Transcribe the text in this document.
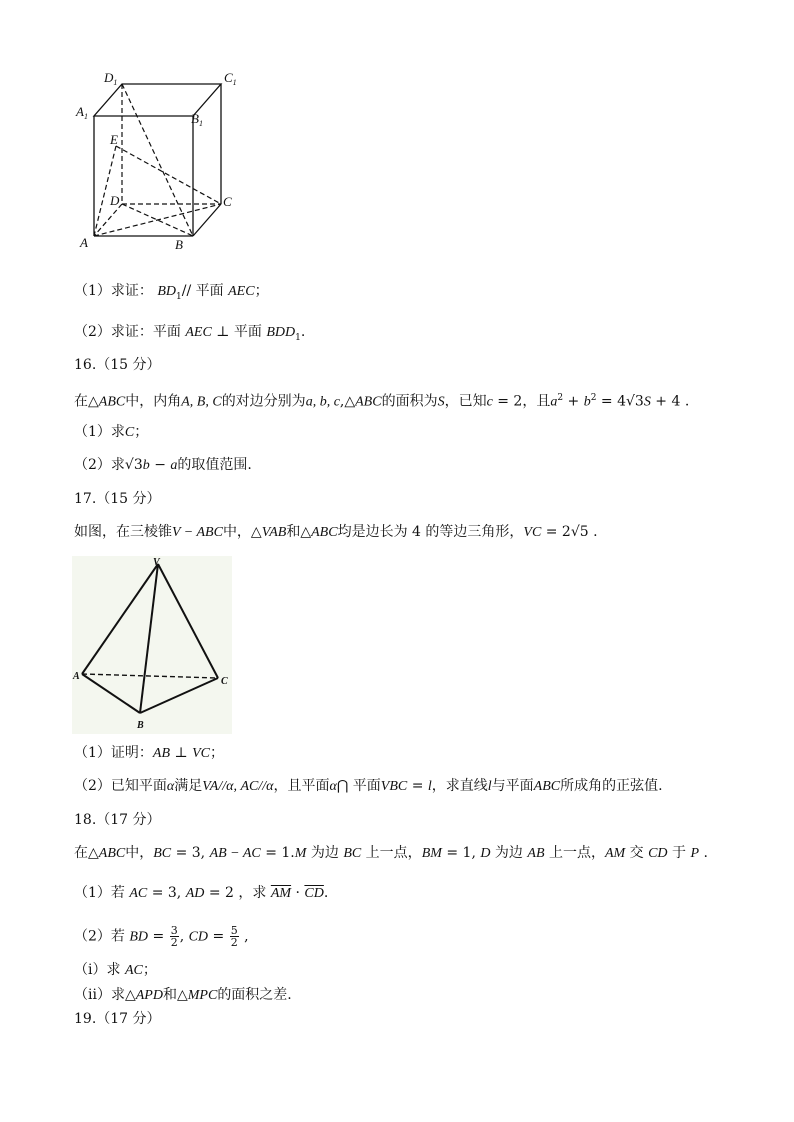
$D_1$	$C_1$
$A_1$	$B_1$
E
D	C
A	B
（1）求证： $BD_1//$ 平面 AEC；
（2）求证：平面 AEC ⊥ 平面 $BDD_1$.
16.（15 分）
在△ABC中，内角A, B, C的对边分别为a, b, c,△ABC的面积为S，已知c = 2，且$a^2 + b^2 = 4√3S + 4$ .
（1）求C；
（2）求√3b − a的取值范围.
17.（15 分）
如图，在三棱锥V − ABC中，△VAB和△ABC均是边长为 4 的等边三角形，VC = 2√5 .
V
A
B
C
（1）证明：AB ⊥ VC；
（2）已知平面α满足VA//α, AC//α，且平面α⋂ 平面VBC = l，求直线l与平面ABC所成角的正弦值.
18.（17 分）
在△ABC中，BC = 3, AB − AC = 1.M 为边 BC 上一点，BM = 1, D 为边 AB 上一点，AM 交 CD 于 P .
（1）若 AC = 3, AD = 2 ，求 $\overline{AM} \cdot \overline{CD}$.
（2）若 BD = $\frac{3}{2}$ , CD = $\frac{5}{2}$ ,
（i）求 AC；
（ii）求△APD和△MPC的面积之差.
19.（17 分）
